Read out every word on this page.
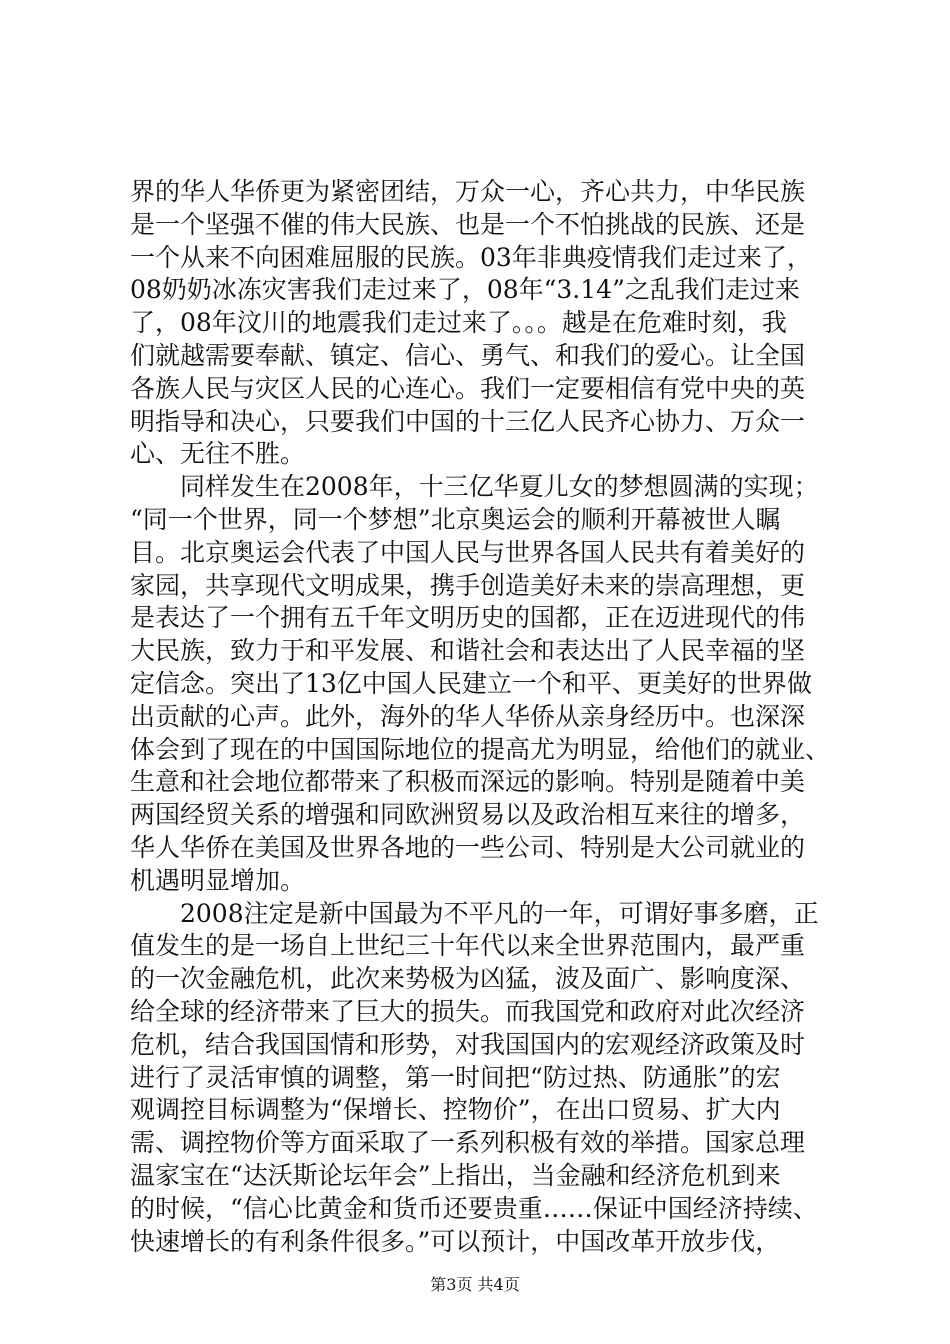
界的华人华侨更为紧密团结，万众一心，齐心共力，中华民族
是一个坚强不催的伟大民族、也是一个不怕挑战的民族、还是
一个从来不向困难屈服的民族。03年非典疫情我们走过来了，
08奶奶冰冻灾害我们走过来了，08年“3.14”之乱我们走过来
了，08年汶川的地震我们走过来了。。。越是在危难时刻，我
们就越需要奉献、镇定、信心、勇气、和我们的爱心。让全国
各族人民与灾区人民的心连心。我们一定要相信有党中央的英
明指导和决心，只要我们中国的十三亿人民齐心协力、万众一
心、无往不胜。
　　同样发生在2008年，十三亿华夏儿女的梦想圆满的实现；
“同一个世界，同一个梦想”北京奥运会的顺利开幕被世人瞩
目。北京奥运会代表了中国人民与世界各国人民共有着美好的
家园，共享现代文明成果，携手创造美好未来的崇高理想，更
是表达了一个拥有五千年文明历史的国都，正在迈进现代的伟
大民族，致力于和平发展、和谐社会和表达出了人民幸福的坚
定信念。突出了13亿中国人民建立一个和平、更美好的世界做
出贡献的心声。此外，海外的华人华侨从亲身经历中。也深深
体会到了现在的中国国际地位的提高尤为明显，给他们的就业、
生意和社会地位都带来了积极而深远的影响。特别是随着中美
两国经贸关系的增强和同欧洲贸易以及政治相互来往的增多，
华人华侨在美国及世界各地的一些公司、特别是大公司就业的
机遇明显增加。
　　2008注定是新中国最为不平凡的一年，可谓好事多磨，正
值发生的是一场自上世纪三十年代以来全世界范围内，最严重
的一次金融危机，此次来势极为凶猛，波及面广、影响度深、
给全球的经济带来了巨大的损失。而我国党和政府对此次经济
危机，结合我国国情和形势，对我国国内的宏观经济政策及时
进行了灵活审慎的调整，第一时间把“防过热、防通胀”的宏
观调控目标调整为“保增长、控物价”，在出口贸易、扩大内
需、调控物价等方面采取了一系列积极有效的举措。国家总理
温家宝在“达沃斯论坛年会”上指出，当金融和经济危机到来
的时候，“信心比黄金和货币还要贵重……保证中国经济持续、
快速增长的有利条件很多。”可以预计，中国改革开放步伐，
第3页 共4页
